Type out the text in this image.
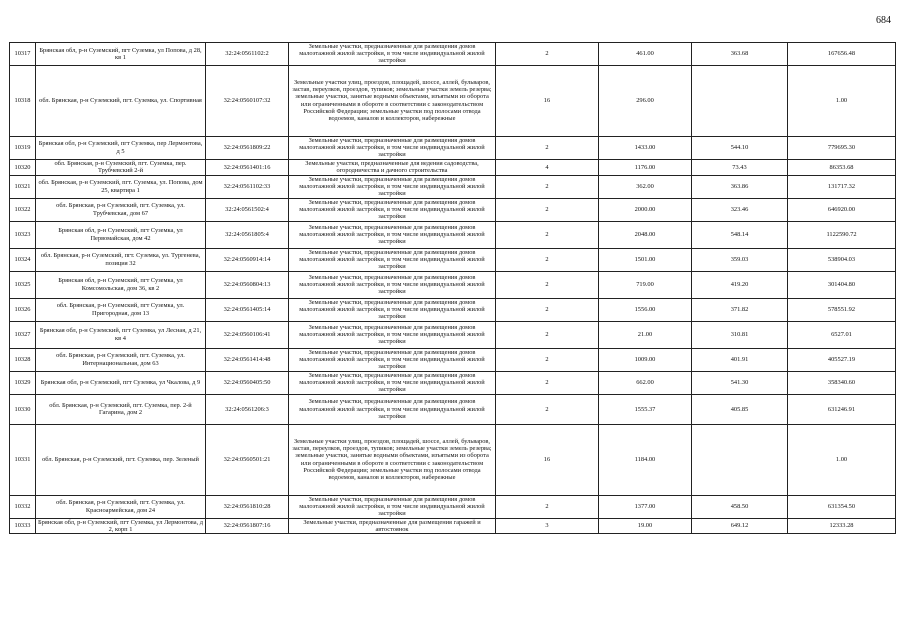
684
10317	Брянская обл, р-н Суземский, пгт Суземка, ул Попова, д 28, кв 1	32:24:0561102:2	Земельные участки, предназначенные для размещения домов малоэтажной жилой застройки, в том числе индивидуальной жилой застройки	2	461.00	363.68	167656.48
10318	обл. Брянская, р-н Суземский, пгт. Суземка, ул. Спортивная	32:24:0560107:32	Земельные участки улиц, проездов, площадей, шоссе, аллей, бульваров, застав, переулков, проездов, тупиков; земельные участки земель резерва; земельные участки, занятые водными объектами, изъятыми из оборота или ограниченными в обороте в соответствии с законодательством Российской Федерации; земельные участки под полосами отвода водоемов, каналов и коллекторов, набережные	16	296.00		1.00
10319	Брянская обл, р-н Суземский, пгт Суземка, пер Лермонтова, д 5	32:24:0561809:22	Земельные участки, предназначенные для размещения домов малоэтажной жилой застройки, в том числе индивидуальной жилой застройки	2	1433.00	544.10	779695.30
10320	обл. Брянская, р-н Суземский, пгт. Суземка, пер. Трубчевский 2-й	32:24:0561401:16	Земельные участки, предназначенные для ведения садоводства, огородничества и дачного строительства	4	1176.00	73.43	86353.68
10321	обл. Брянская, р-н Суземский, пгт. Суземка, ул. Попова, дом 25, квартира 1	32:24:0561102:33	Земельные участки, предназначенные для размещения домов малоэтажной жилой застройки, в том числе индивидуальной жилой застройки	2	362.00	363.86	131717.32
10322	обл. Брянская, р-н Суземский, пгт. Суземка, ул. Трубчевская, дом 67	32:24:0561502:4	Земельные участки, предназначенные для размещения домов малоэтажной жилой застройки, в том числе индивидуальной жилой застройки	2	2000.00	323.46	646920.00
10323	Брянская обл, р-н Суземский, пгт Суземка, ул Первомайская, дом 42	32:24:0561805:4	Земельные участки, предназначенные для размещения домов малоэтажной жилой застройки, в том числе индивидуальной жилой застройки	2	2048.00	548.14	1122590.72
10324	обл. Брянская, р-н Суземский, пгт. Суземка, ул. Тургенева, позиция 32	32:24:0560914:14	Земельные участки, предназначенные для размещения домов малоэтажной жилой застройки, в том числе индивидуальной жилой застройки	2	1501.00	359.03	538904.03
10325	Брянская обл, р-н Суземский, пгт Суземка, ул Комсомольская, дом 36, кв 2	32:24:0560804:13	Земельные участки, предназначенные для размещения домов малоэтажной жилой застройки, в том числе индивидуальной жилой застройки	2	719.00	419.20	301404.80
10326	обл. Брянская, р-н Суземский, пгт Суземка, ул. Пригородная, дом 13	32:24:0561405:14	Земельные участки, предназначенные для размещения домов малоэтажной жилой застройки, в том числе индивидуальной жилой застройки	2	1556.00	371.82	578551.92
10327	Брянская обл, р-н Суземский, пгт Суземка, ул Лесная, д 21, кв 4	32:24:0560106:41	Земельные участки, предназначенные для размещения домов малоэтажной жилой застройки, в том числе индивидуальной жилой застройки	2	21.00	310.81	6527.01
10328	обл. Брянская, р-н Суземский, пгт. Суземка, ул. Интернациональная, дом 63	32:24:0561414:48	Земельные участки, предназначенные для размещения домов малоэтажной жилой застройки, в том числе индивидуальной жилой застройки	2	1009.00	401.91	405527.19
10329	Брянская обл, р-н Суземский, пгт Суземка, ул Чкалова, д 9	32:24:0560405:50	Земельные участки, предназначенные для размещения домов малоэтажной жилой застройки, в том числе индивидуальной жилой застройки	2	662.00	541.30	358340.60
10330	обл. Брянская, р-н Суземский, пгт. Суземка, пер. 2-й Гагарина, дом 2	32:24:0561206:3	Земельные участки, предназначенные для размещения домов малоэтажной жилой застройки, в том числе индивидуальной жилой застройки	2	1555.37	405.85	631246.91
10331	обл. Брянская, р-н Суземский, пгт. Суземка, пер. Зеленый	32:24:0560501:21	Земельные участки улиц, проездов, площадей, шоссе, аллей, бульваров, застав, переулков, проездов, тупиков; земельные участки земель резерва; земельные участки, занятые водными объектами, изъятыми из оборота или ограниченными в обороте в соответствии с законодательством Российской Федерации; земельные участки под полосами отвода водоемов, каналов и коллекторов, набережные	16	1184.00		1.00
10332	обл. Брянская, р-н Суземский, пгт. Суземка, ул. Красноармейская, дом 24	32:24:0561810:28	Земельные участки, предназначенные для размещения домов малоэтажной жилой застройки, в том числе индивидуальной жилой застройки	2	1377.00	458.50	631354.50
10333	Брянская обл, р-н Суземский, пгт Суземка, ул Лермонтова, д 2, корп 1	32:24:0561807:16	Земельные участки, предназначенные для размещения гаражей и автостоянок	3	19.00	649.12	12333.28
